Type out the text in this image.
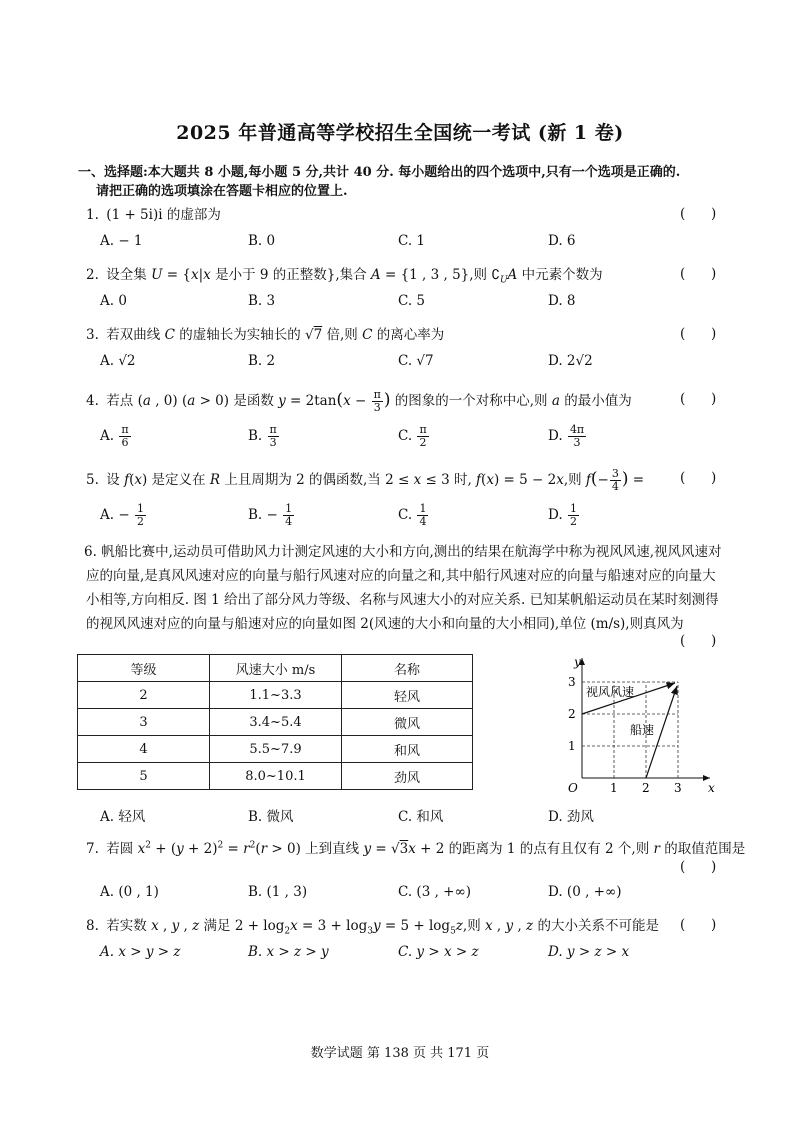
2025 年普通高等学校招生全国统一考试 (新 1 卷)
一、选择题:本大题共 8 小题,每小题 5 分,共计 40 分. 每小题给出的四个选项中,只有一个选项是正确的.
请把正确的选项填涂在答题卡相应的位置上.
1. (1 + 5i)i 的虚部为	(      )
A. − 1	B. 0	C. 1	D. 6
2. 设全集 U = {x|x 是小于 9 的正整数},集合 A = {1 , 3 , 5},则 $∁_UA$ 中元素个数为	(      )
A. 0	B. 3	C. 5	D. 8
3. 若双曲线 C 的虚轴长为实轴长的 √7 倍,则 C 的离心率为	(      )
A. √2	B. 2	C. √7	D. 2√2
4. 若点 (a , 0) (a > 0) 是函数 $y = 2\tan(x - \frac{\pi}{3}$ ) 的图象的一个对称中心,则 a 的最小值为	(      )
A. $\frac{\pi}{6}$	B. $\frac{\pi}{3}$	C. $\frac{\pi}{2}$	D. $\frac{4\pi}{3}$
5. 设 f(x) 是定义在 R 上且周期为 2 的偶函数,当 2 ≤ x ≤ 3 时, f(x) = 5 − 2x,则 $f(- \frac{3}{4}$ ) =	(      )
A. − $\frac{1}{2}$	B. − $\frac{1}{4}$	C. $\frac{1}{4}$	D. $\frac{1}{2}$
6. 帆船比赛中,运动员可借助风力计测定风速的大小和方向,测出的结果在航海学中称为视风风速,视风风速对应的向量,是真风风速对应的向量与船行风速对应的向量之和,其中船行风速对应的向量与船速对应的向量大小相等,方向相反. 图 1 给出了部分风力等级、名称与风速大小的对应关系. 已知某帆船运动员在某时刻测得的视风风速对应的向量与船速对应的向量如图 2(风速的大小和向量的大小相同),单位 (m/s),则真风为
(      )
等级	风速大小 m/s	名称
2	1.1~3.3	轻风
3	3.4~5.4	微风
4	5.5~7.9	和风
5	8.0~10.1	劲风
y
x
O
1
2
3
1 2 3
视风风速
船速
A. 轻风	B. 微风	C. 和风	D. 劲风
7. 若圆 $x^2 + (y + 2)^2 = r^2(r > 0)$ 上到直线 y = √3x + 2 的距离为 1 的点有且仅有 2 个,则 r 的取值范围是
(      )
A. (0 , 1)	B. (1 , 3)	C. (3 , +∞)	D. (0 , +∞)
8. 若实数 x , y , z 满足 $2 + \log_2x = 3 + \log_3y = 5 + \log_5z$,则 x , y , z 的大小关系不可能是 (      )
A. x > y > z	B. x > z > y	C. y > x > z	D. y > z > x
数学试题 第 138 页 共 171 页
